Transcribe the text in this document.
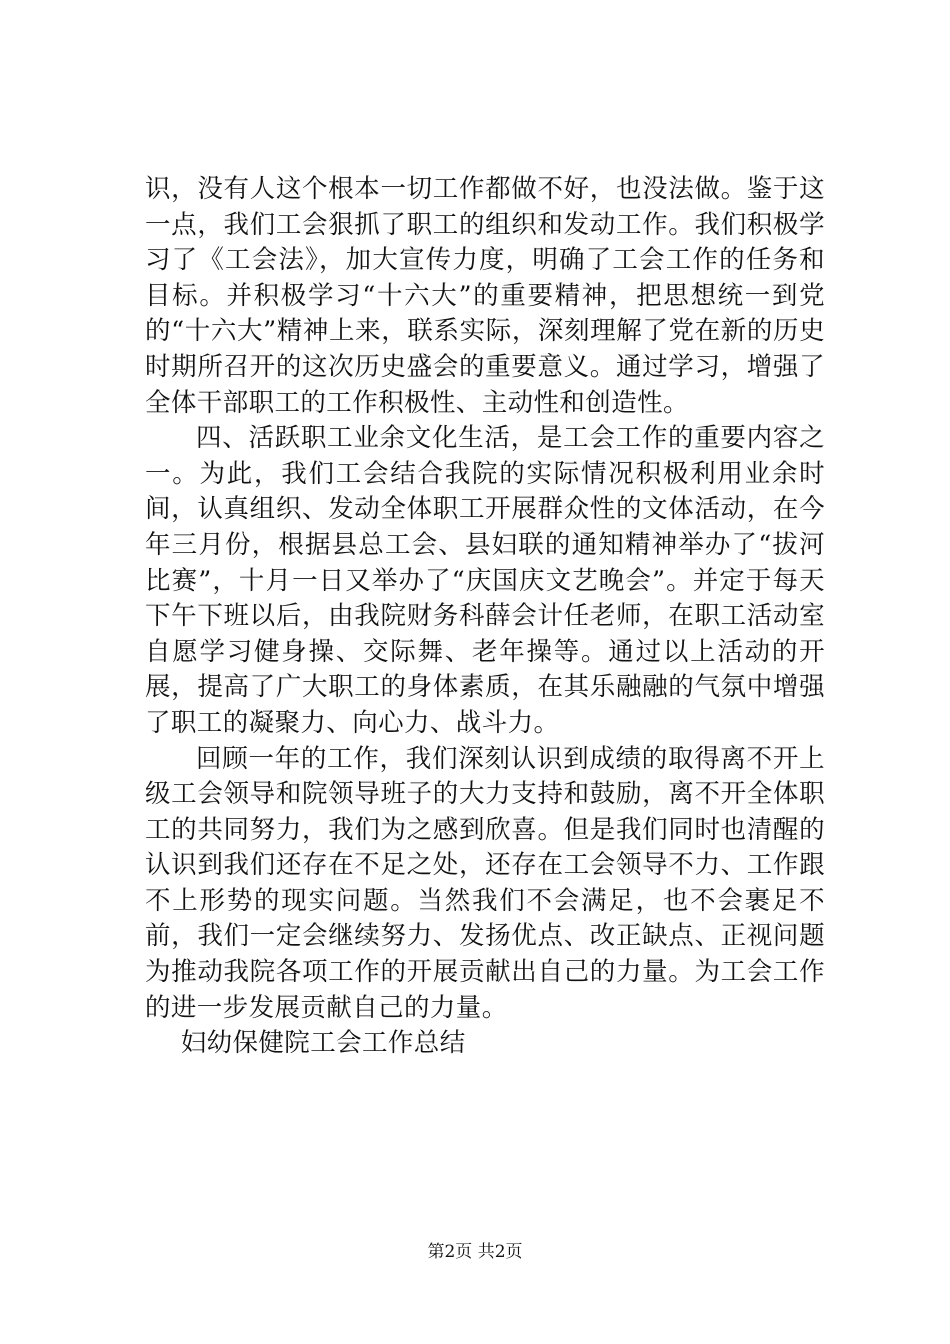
识，没有人这个根本一切工作都做不好，也没法做。鉴于这一点，我们工会狠抓了职工的组织和发动工作。我们积极学习了《工会法》，加大宣传力度，明确了工会工作的任务和目标。并积极学习“十六大”的重要精神，把思想统一到党的“十六大”精神上来，联系实际，深刻理解了党在新的历史时期所召开的这次历史盛会的重要意义。通过学习，增强了全体干部职工的工作积极性、主动性和创造性。

四、活跃职工业余文化生活，是工会工作的重要内容之一。为此，我们工会结合我院的实际情况积极利用业余时间，认真组织、发动全体职工开展群众性的文体活动，在今年三月份，根据县总工会、县妇联的通知精神举办了“拔河比赛”，十月一日又举办了“庆国庆文艺晚会”。并定于每天下午下班以后，由我院财务科薛会计任老师，在职工活动室自愿学习健身操、交际舞、老年操等。通过以上活动的开展，提高了广大职工的身体素质，在其乐融融的气氛中增强了职工的凝聚力、向心力、战斗力。

回顾一年的工作，我们深刻认识到成绩的取得离不开上级工会领导和院领导班子的大力支持和鼓励，离不开全体职工的共同努力，我们为之感到欣喜。但是我们同时也清醒的认识到我们还存在不足之处，还存在工会领导不力、工作跟不上形势的现实问题。当然我们不会满足，也不会裹足不前，我们一定会继续努力、发扬优点、改正缺点、正视问题为推动我院各项工作的开展贡献出自己的力量。为工会工作的进一步发展贡献自己的力量。

妇幼保健院工会工作总结

第2页 共2页
